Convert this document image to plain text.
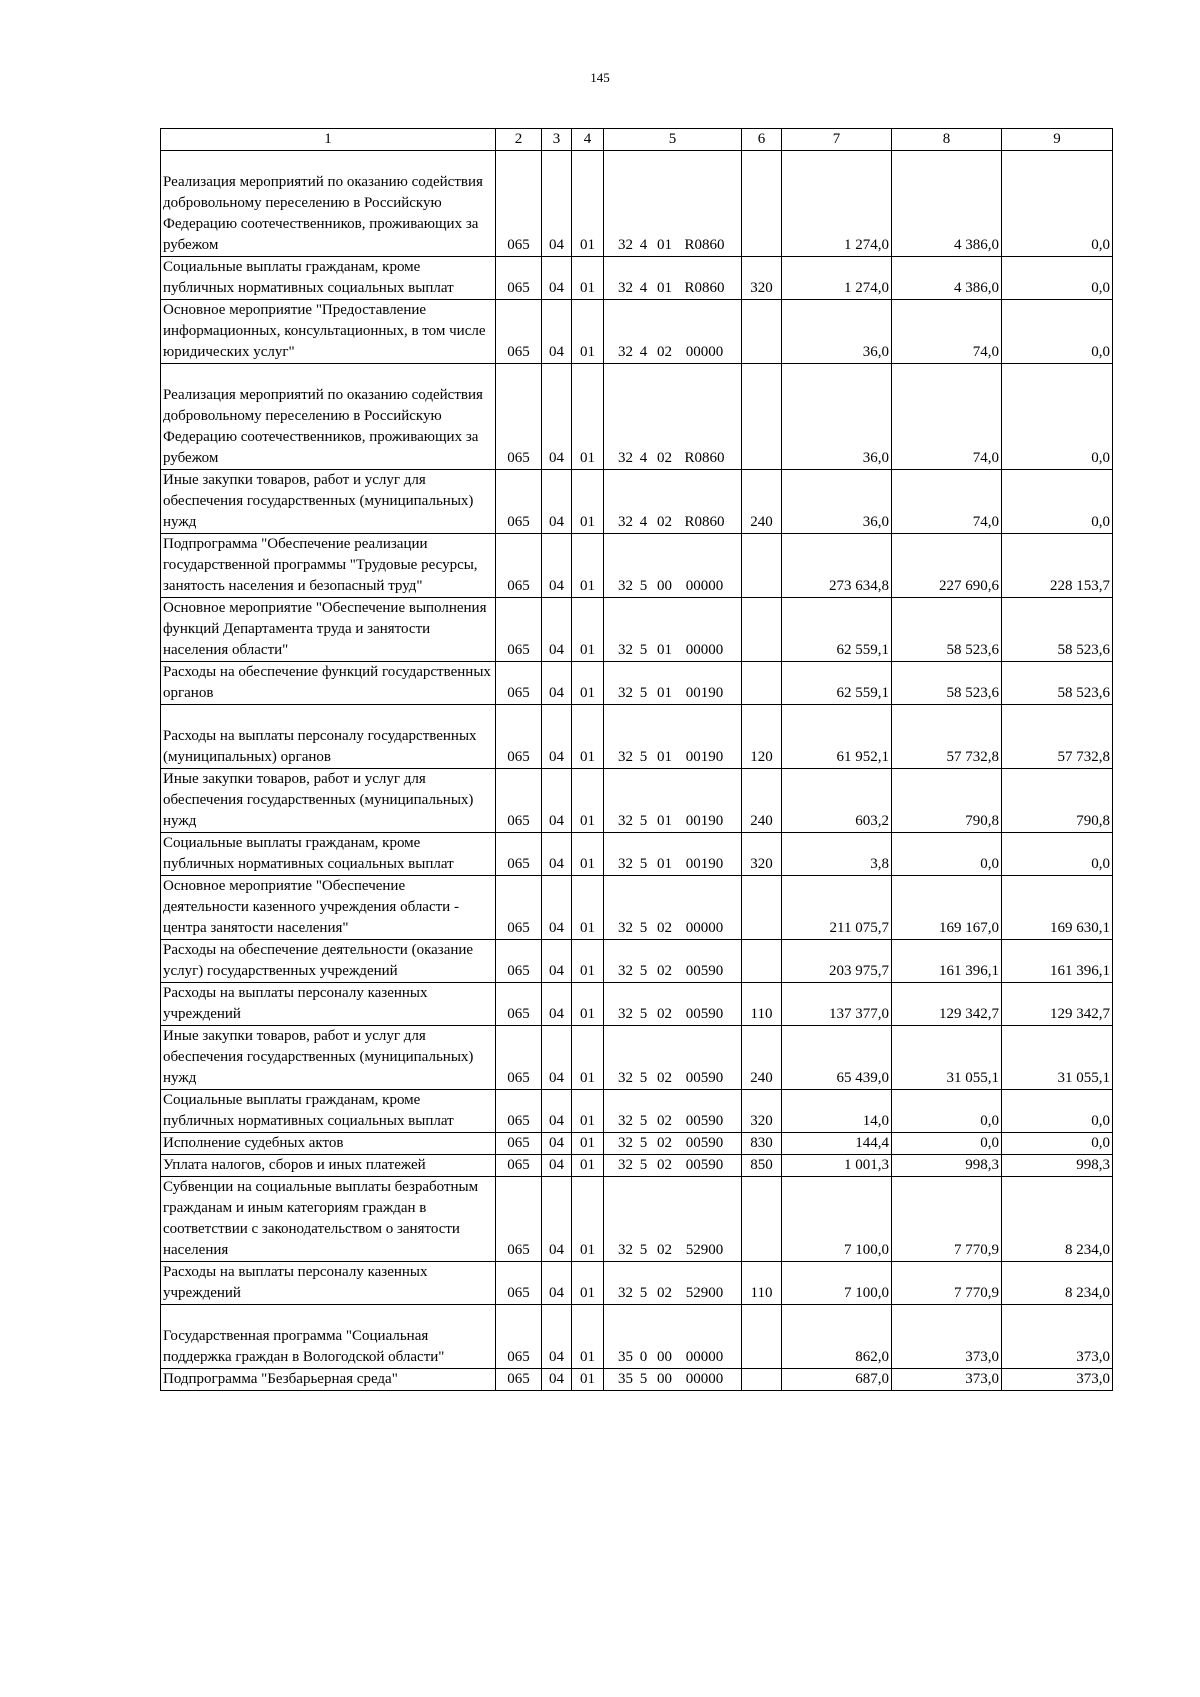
145
1	2	3	4	5	6	7	8	9

Реализация мероприятий по оказанию содействия добровольному переселению в Российскую Федерацию соотечественников, проживающих за рубежом	065	04	01	32 4 01 R0860		1 274,0	4 386,0	0,0
Социальные выплаты гражданам, кроме публичных нормативных социальных выплат	065	04	01	32 4 01 R0860	320	1 274,0	4 386,0	0,0
Основное мероприятие "Предоставление информационных, консультационных, в том числе юридических услуг"	065	04	01	32 4 02 00000		36,0	74,0	0,0

Реализация мероприятий по оказанию содействия добровольному переселению в Российскую Федерацию соотечественников, проживающих за рубежом	065	04	01	32 4 02 R0860		36,0	74,0	0,0
Иные закупки товаров, работ и услуг для обеспечения государственных (муниципальных) нужд	065	04	01	32 4 02 R0860	240	36,0	74,0	0,0
Подпрограмма "Обеспечение реализации государственной программы "Трудовые ресурсы, занятость населения и безопасный труд"	065	04	01	32 5 00 00000		273 634,8	227 690,6	228 153,7
Основное мероприятие "Обеспечение выполнения функций Департамента труда и занятости населения области"	065	04	01	32 5 01 00000		62 559,1	58 523,6	58 523,6
Расходы на обеспечение функций государственных органов	065	04	01	32 5 01 00190		62 559,1	58 523,6	58 523,6

Расходы на выплаты персоналу государственных (муниципальных) органов	065	04	01	32 5 01 00190	120	61 952,1	57 732,8	57 732,8
Иные закупки товаров, работ и услуг для обеспечения государственных (муниципальных) нужд	065	04	01	32 5 01 00190	240	603,2	790,8	790,8
Социальные выплаты гражданам, кроме публичных нормативных социальных выплат	065	04	01	32 5 01 00190	320	3,8	0,0	0,0
Основное мероприятие "Обеспечение деятельности казенного учреждения области - центра занятости населения"	065	04	01	32 5 02 00000		211 075,7	169 167,0	169 630,1
Расходы на обеспечение деятельности (оказание услуг) государственных учреждений	065	04	01	32 5 02 00590		203 975,7	161 396,1	161 396,1
Расходы на выплаты персоналу казенных учреждений	065	04	01	32 5 02 00590	110	137 377,0	129 342,7	129 342,7
Иные закупки товаров, работ и услуг для обеспечения государственных (муниципальных) нужд	065	04	01	32 5 02 00590	240	65 439,0	31 055,1	31 055,1
Социальные выплаты гражданам, кроме публичных нормативных социальных выплат	065	04	01	32 5 02 00590	320	14,0	0,0	0,0
Исполнение судебных актов	065	04	01	32 5 02 00590	830	144,4	0,0	0,0
Уплата налогов, сборов и иных платежей	065	04	01	32 5 02 00590	850	1 001,3	998,3	998,3
Субвенции на социальные выплаты безработным гражданам и иным категориям граждан в соответствии с законодательством о занятости населения	065	04	01	32 5 02 52900		7 100,0	7 770,9	8 234,0
Расходы на выплаты персоналу казенных учреждений	065	04	01	32 5 02 52900	110	7 100,0	7 770,9	8 234,0

Государственная программа "Социальная поддержка граждан в Вологодской области"	065	04	01	35 0 00 00000		862,0	373,0	373,0
Подпрограмма "Безбарьерная среда"	065	04	01	35 5 00 00000		687,0	373,0	373,0
